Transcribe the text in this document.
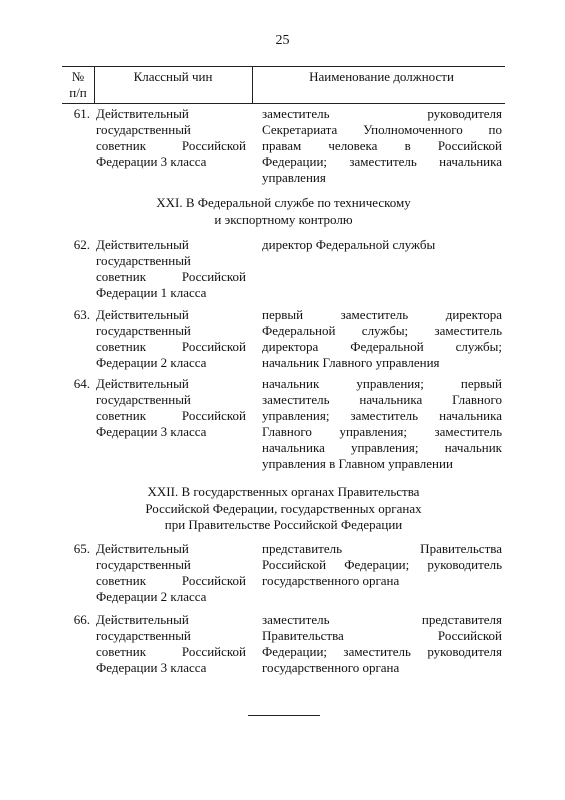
25
№
п/п
Классный чин	Наименование должности
61. Действительный
государственный
советник Российской
Федерации 3 класса
заместитель руководителя
Секретариата Уполномоченного по
правам человека в Российской
Федерации; заместитель начальника
управления
XXI. В Федеральной службе по техническому
и экспортному контролю
62. Действительный
государственный
советник Российской
Федерации 1 класса
директор Федеральной службы
63. Действительный
государственный
советник Российской
Федерации 2 класса
первый заместитель директора
Федеральной службы; заместитель
директора Федеральной службы;
начальник Главного управления
64. Действительный
государственный
советник Российской
Федерации 3 класса
начальник управления; первый
заместитель начальника Главного
управления; заместитель начальника
Главного управления; заместитель
начальника управления; начальник
управления в Главном управлении
XXII. В государственных органах Правительства
Российской Федерации, государственных органах
при Правительстве Российской Федерации
65. Действительный
государственный
советник Российской
Федерации 2 класса
представитель Правительства
Российской Федерации; руководитель
государственного органа
66. Действительный
государственный
советник Российской
Федерации 3 класса
заместитель представителя
Правительства Российской
Федерации; заместитель руководителя
государственного органа
